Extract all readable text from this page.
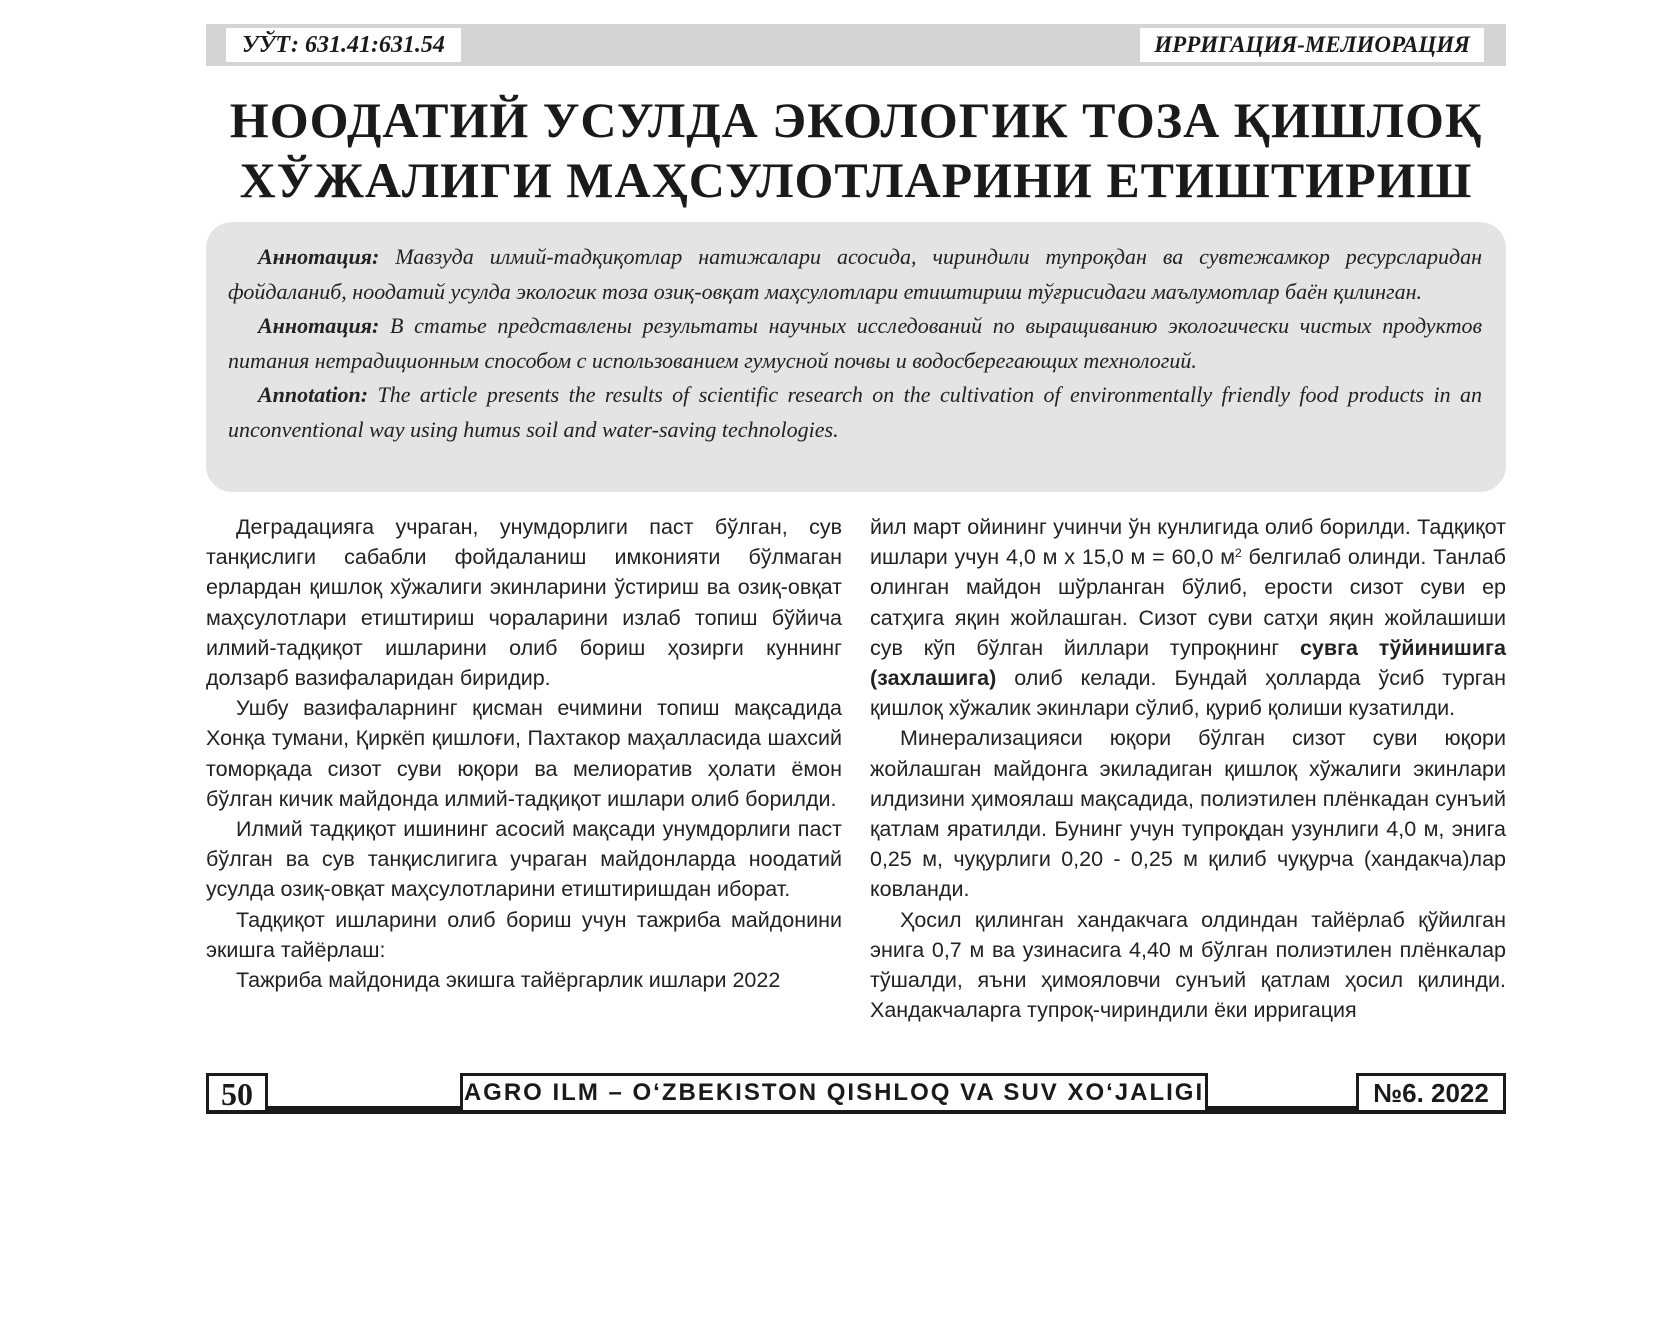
УЎТ: 631.41:631.54	ИРРИГАЦИЯ-МЕЛИОРАЦИЯ
НООДАТИЙ УСУЛДА ЭКОЛОГИК ТОЗА ҚИШЛОҚ
ХЎЖАЛИГИ МАҲСУЛОТЛАРИНИ ЕТИШТИРИШ

Аннотация: Мавзуда илмий-тадқиқотлар натижалари асосида, чириндили тупроқдан ва сувтежамкор ресурсларидан фойдаланиб, ноодатий усулда экологик тоза озиқ-овқат маҳсулотлари етиштириш тўғрисидаги маълумотлар баён қилинган.

Аннотация: В статье представлены результаты научных исследований по выращиванию экологически чистых продуктов питания нетрадиционным способом с использованием гумусной почвы и водосберегающих технологий.

Annotation: The article presents the results of scientific research on the cultivation of environmentally friendly food products in an unconventional way using humus soil and water-saving technologies.

Деградацияга учраган, унумдорлиги паст бўлган, сув танқислиги сабабли фойдаланиш имконияти бўлмаган ерлардан қишлоқ хўжалиги экинларини ўстириш ва озиқ-овқат маҳсулотлари етиштириш чораларини излаб топиш бўйича илмий-тадқиқот ишларини олиб бориш ҳозирги куннинг долзарб вазифаларидан биридир.

Ушбу вазифаларнинг қисман ечимини топиш мақсадида Хонқа тумани, Қиркёп қишлоғи, Пахтакор маҳалласида шахсий томорқада сизот суви юқори ва мелиоратив ҳолати ёмон бўлган кичик майдонда илмий-тадқиқот ишлари олиб борилди.

Илмий тадқиқот ишининг асосий мақсади унумдорлиги паст бўлган ва сув танқислигига учраган майдонларда ноодатий усулда озиқ-овқат маҳсулотларини етиштиришдан иборат.

Тадқиқот ишларини олиб бориш учун тажриба майдонини экишга тайёрлаш:

Тажриба майдонида экишга тайёргарлик ишлари 2022

йил март ойининг учинчи ўн кунлигида олиб борилди. Тадқиқот ишлари учун 4,0 м х 15,0 м = 60,0 $м^2$ белгилаб олинди. Танлаб олинган майдон шўрланган бўлиб, ерости сизот суви ер сатҳига яқин жойлашган. Сизот суви сатҳи яқин жойлашиши сув кўп бўлган йиллари тупроқнинг сувга тўйинишига (захлашига) олиб келади. Бундай ҳолларда ўсиб турган қишлоқ хўжалик экинлари сўлиб, қуриб қолиши кузатилди.

Минерализацияси юқори бўлган сизот суви юқори жойлашган майдонга экиладиган қишлоқ хўжалиги экинлари илдизини ҳимоялаш мақсадида, полиэтилен плёнкадан сунъий қатлам яратилди. Бунинг учун тупроқдан узунлиги 4,0 м, энига 0,25 м, чуқурлиги 0,20 - 0,25 м қилиб чуқурча (хандакча)лар ковланди.

Ҳосил қилинган хандакчага олдиндан тайёрлаб қўйилган энига 0,7 м ва узинасига 4,40 м бўлган полиэтилен плёнкалар тўшалди, яъни ҳимояловчи сунъий қатлам ҳосил қилинди. Хандакчаларга тупроқ-чириндили ёки ирригация

50	AGRO ILM – O‘ZBEKISTON QISHLOQ VA SUV XO‘JALIGI	№6. 2022
